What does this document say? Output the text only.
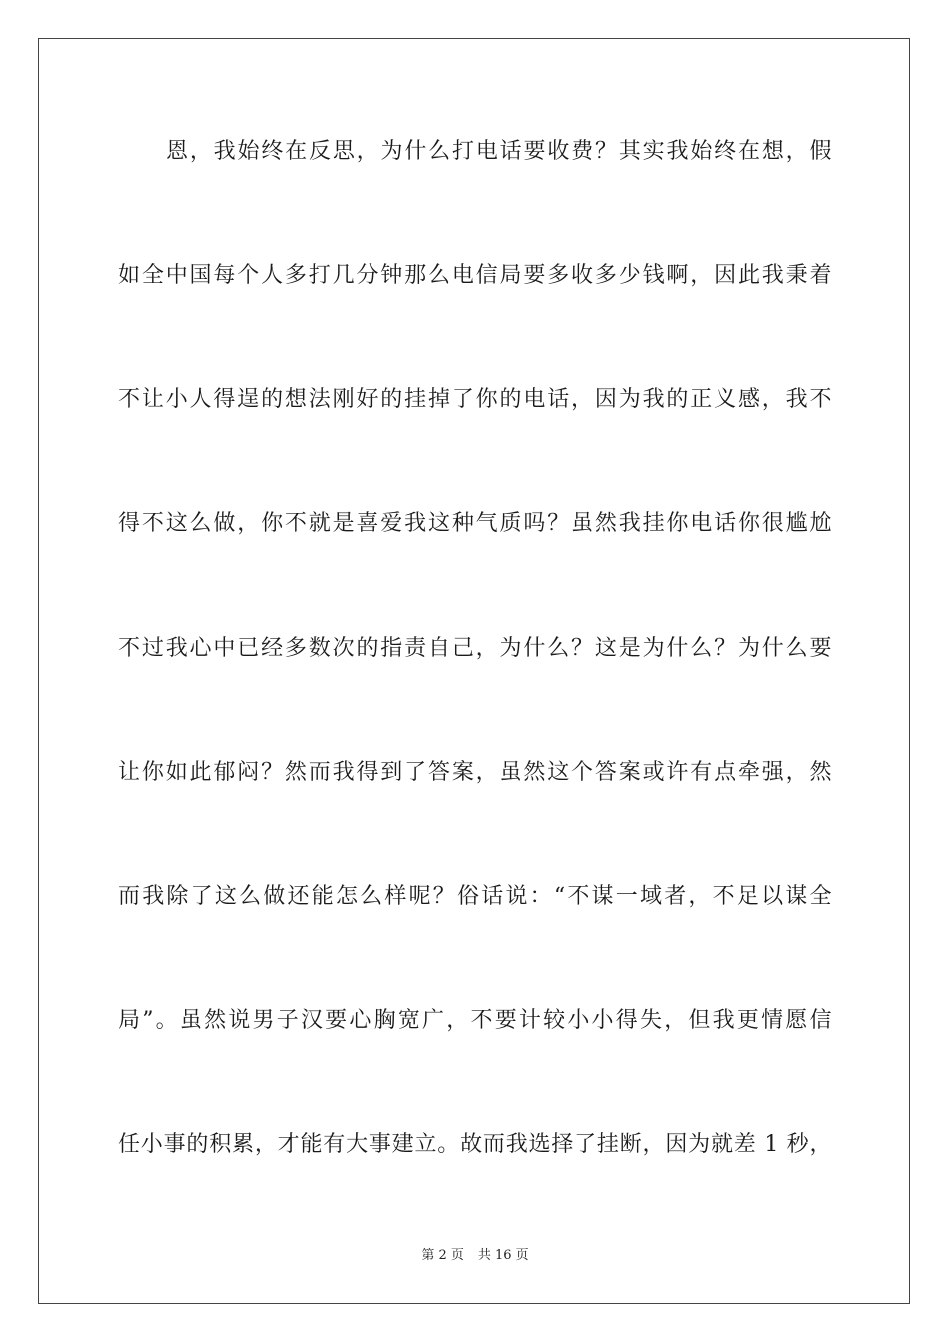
恩，我始终在反思，为什么打电话要收费？其实我始终在想，假
如全中国每个人多打几分钟那么电信局要多收多少钱啊，因此我秉着
不让小人得逞的想法刚好的挂掉了你的电话，因为我的正义感，我不
得不这么做，你不就是喜爱我这种气质吗？虽然我挂你电话你很尴尬
不过我心中已经多数次的指责自己，为什么？这是为什么？为什么要
让你如此郁闷？然而我得到了答案，虽然这个答案或许有点牵强，然
而我除了这么做还能怎么样呢？俗话说：“不谋一域者，不足以谋全
局”。虽然说男子汉要心胸宽广，不要计较小小得失，但我更情愿信
任小事的积累，才能有大事建立。故而我选择了挂断，因为就差 1 秒，
第 2 页 共 16 页
